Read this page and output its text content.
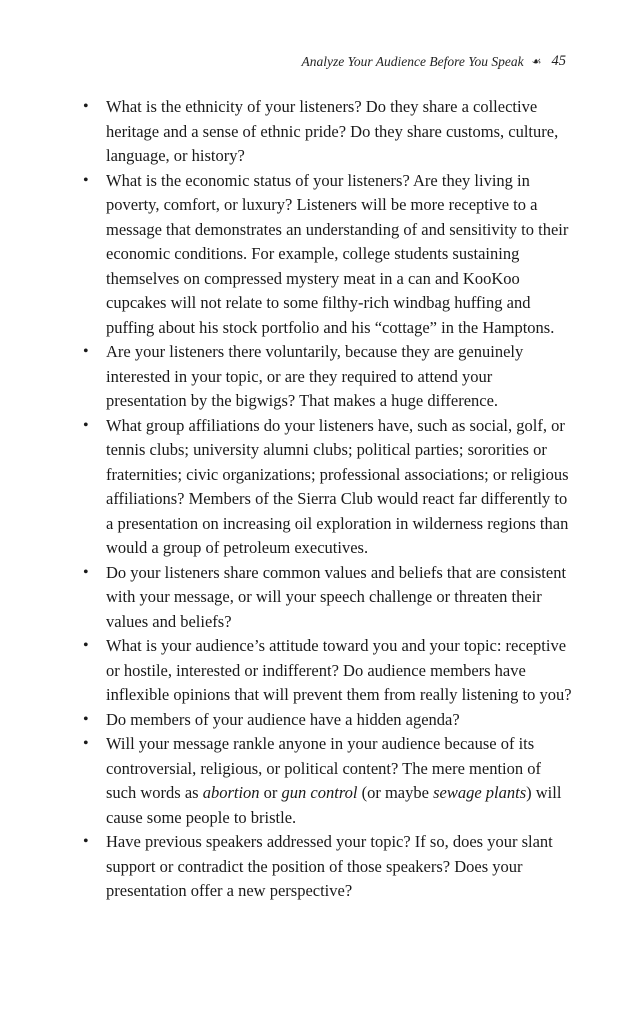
Analyze Your Audience Before You Speak ☙ 45
• What is the ethnicity of your listeners? Do they share a collective heritage and a sense of ethnic pride? Do they share customs, culture, language, or history?
• What is the economic status of your listeners? Are they living in poverty, comfort, or luxury? Listeners will be more receptive to a message that demonstrates an understanding of and sensitivity to their economic conditions. For example, college students sustaining themselves on compressed mystery meat in a can and KooKoo cupcakes will not relate to some filthy-rich windbag huffing and puffing about his stock portfolio and his “cottage” in the Hamptons.
• Are your listeners there voluntarily, because they are genuinely interested in your topic, or are they required to attend your presentation by the bigwigs? That makes a huge difference.
• What group affiliations do your listeners have, such as social, golf, or tennis clubs; university alumni clubs; political parties; sororities or fraternities; civic organizations; professional associations; or religious affiliations? Members of the Sierra Club would react far differently to a presentation on increasing oil exploration in wilderness regions than would a group of petroleum executives.
• Do your listeners share common values and beliefs that are consistent with your message, or will your speech challenge or threaten their values and beliefs?
• What is your audience’s attitude toward you and your topic: receptive or hostile, interested or indifferent? Do audience members have inflexible opinions that will prevent them from really listening to you?
• Do members of your audience have a hidden agenda?
• Will your message rankle anyone in your audience because of its controversial, religious, or political content? The mere mention of such words as abortion or gun control (or maybe sewage plants) will cause some people to bristle.
• Have previous speakers addressed your topic? If so, does your slant support or contradict the position of those speakers? Does your presentation offer a new perspective?
